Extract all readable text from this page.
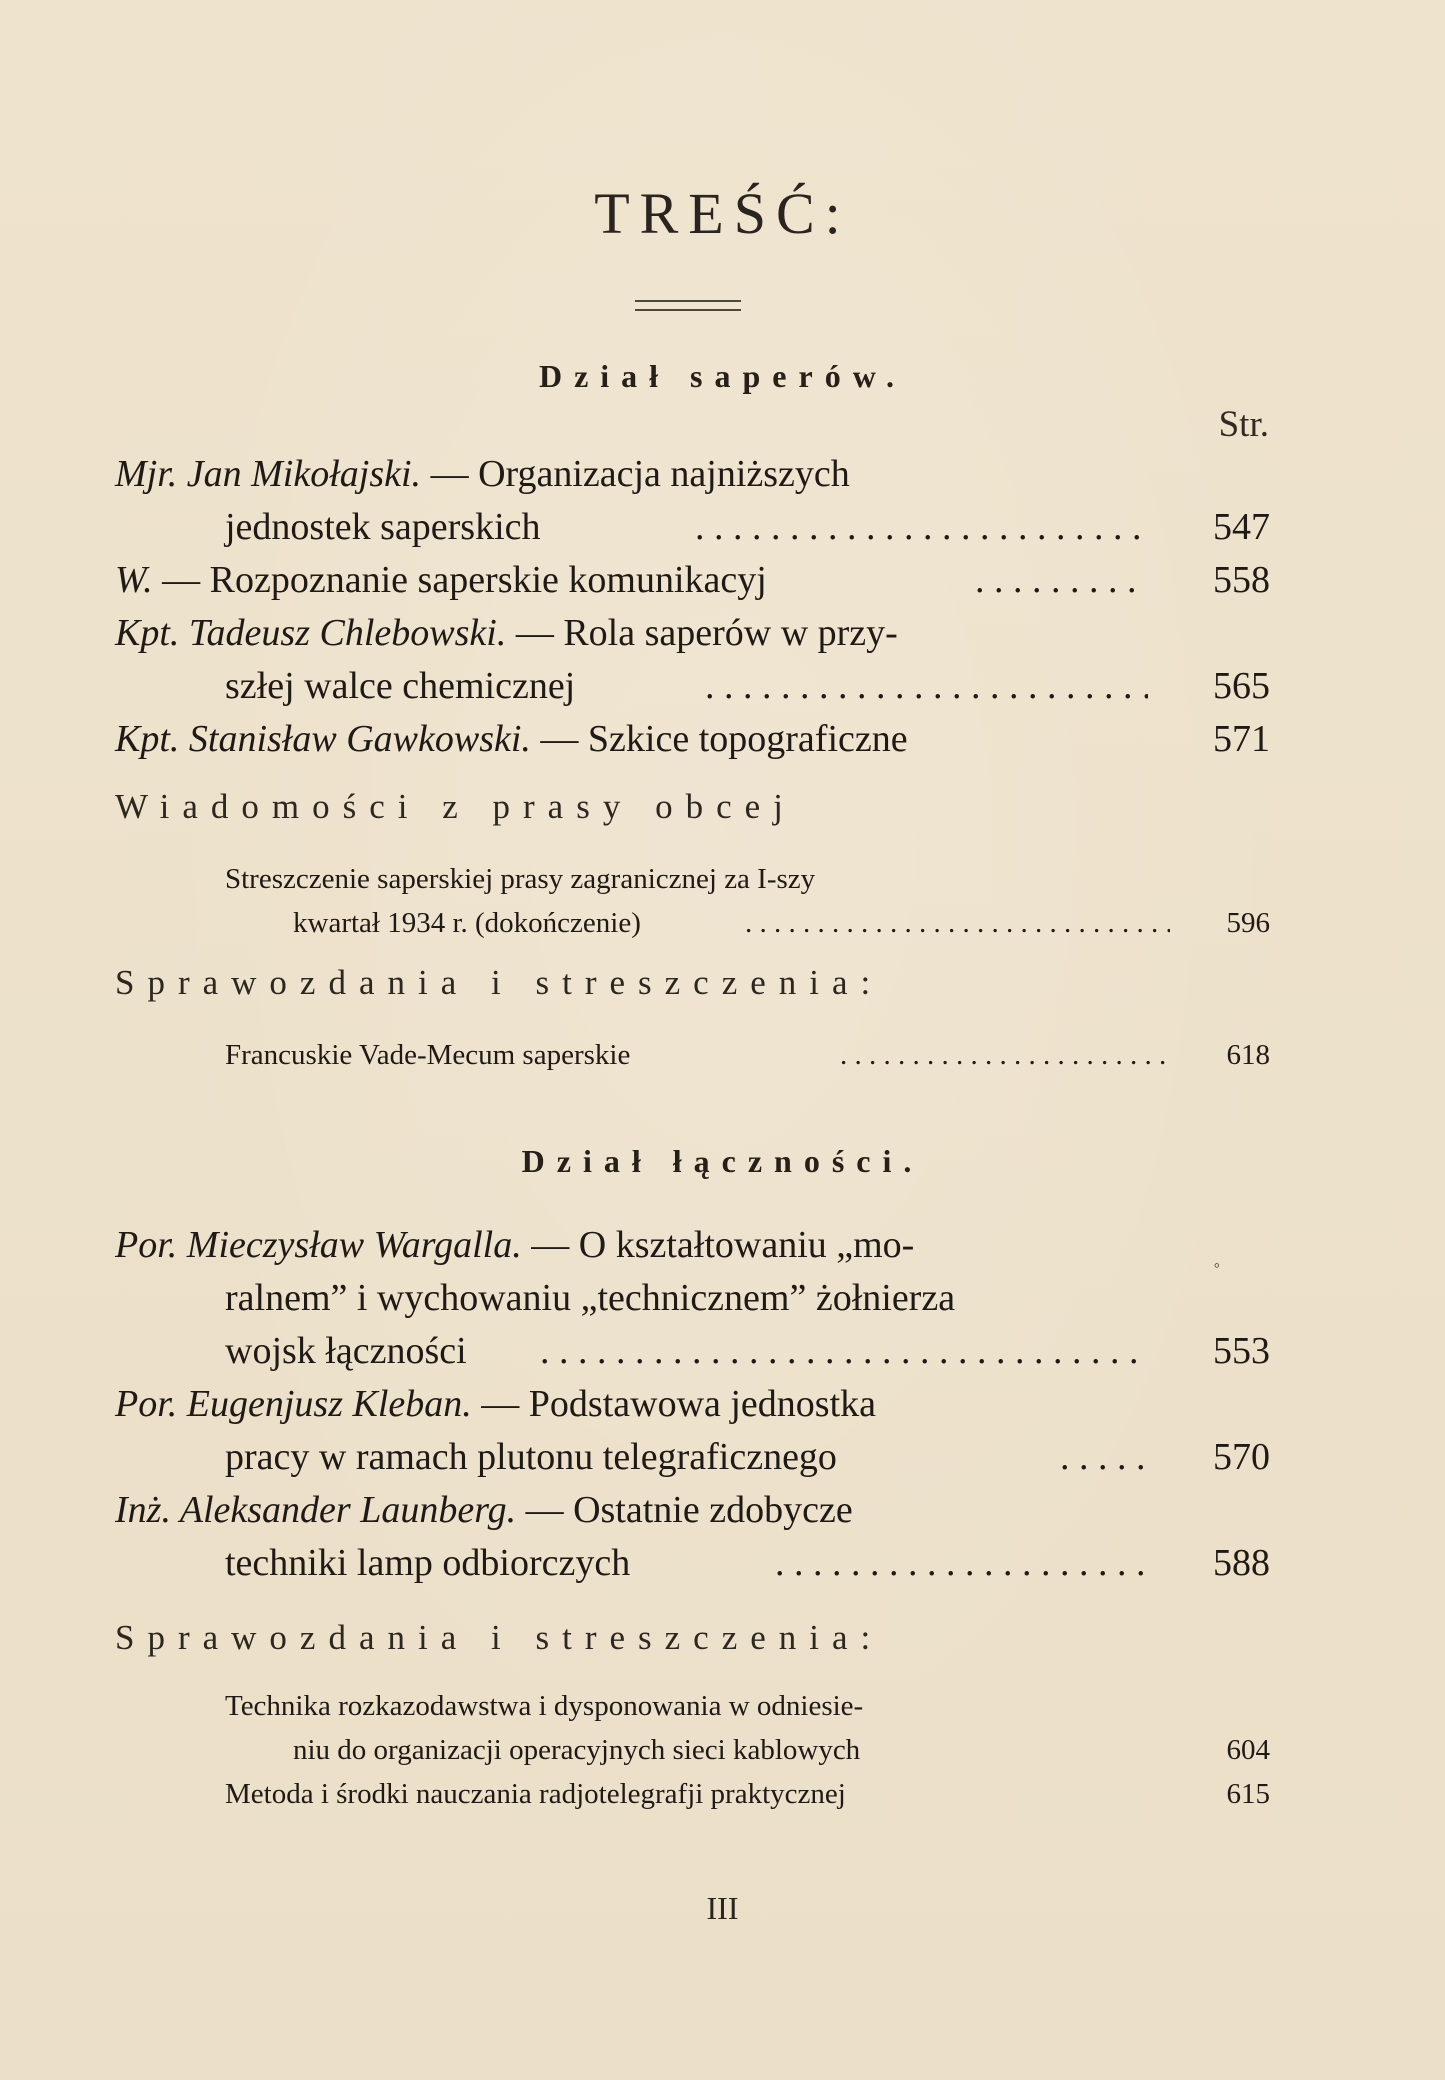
TREŚĆ:
Dział saperów.
Str.
Mjr. Jan Mikołajski. — Organizacja najniższych
jednostek saperskich . . .	547
W. — Rozpoznanie saperskie komunikacyj . . .	558
Kpt. Tadeusz Chlebowski. — Rola saperów w przy-
szłej walce chemicznej . . .	565
Kpt. Stanisław Gawkowski. — Szkice topograficzne	571
Wiadomości z prasy obcej
Streszczenie saperskiej prasy zagranicznej za I-szy
kwartał 1934 r. (dokończenie) . . .	596
Sprawozdania i streszczenia:
Francuskie Vade-Mecum saperskie . . .	618
Dział łączności.
Por. Mieczysław Wargalla. — O kształtowaniu „mo-
ralnem” i wychowaniu „technicznem” żołnierza
wojsk łączności . . .	553
Por. Eugenjusz Kleban. — Podstawowa jednostka
pracy w ramach plutonu telegraficznego . . .	570
Inż. Aleksander Launberg. — Ostatnie zdobycze
techniki lamp odbiorczych . . .	588
Sprawozdania i streszczenia:
Technika rozkazodawstwa i dysponowania w odniesie-
niu do organizacji operacyjnych sieci kablowych	604
Metoda i środki nauczania radjotelegrafji praktycznej	615
◦
III
